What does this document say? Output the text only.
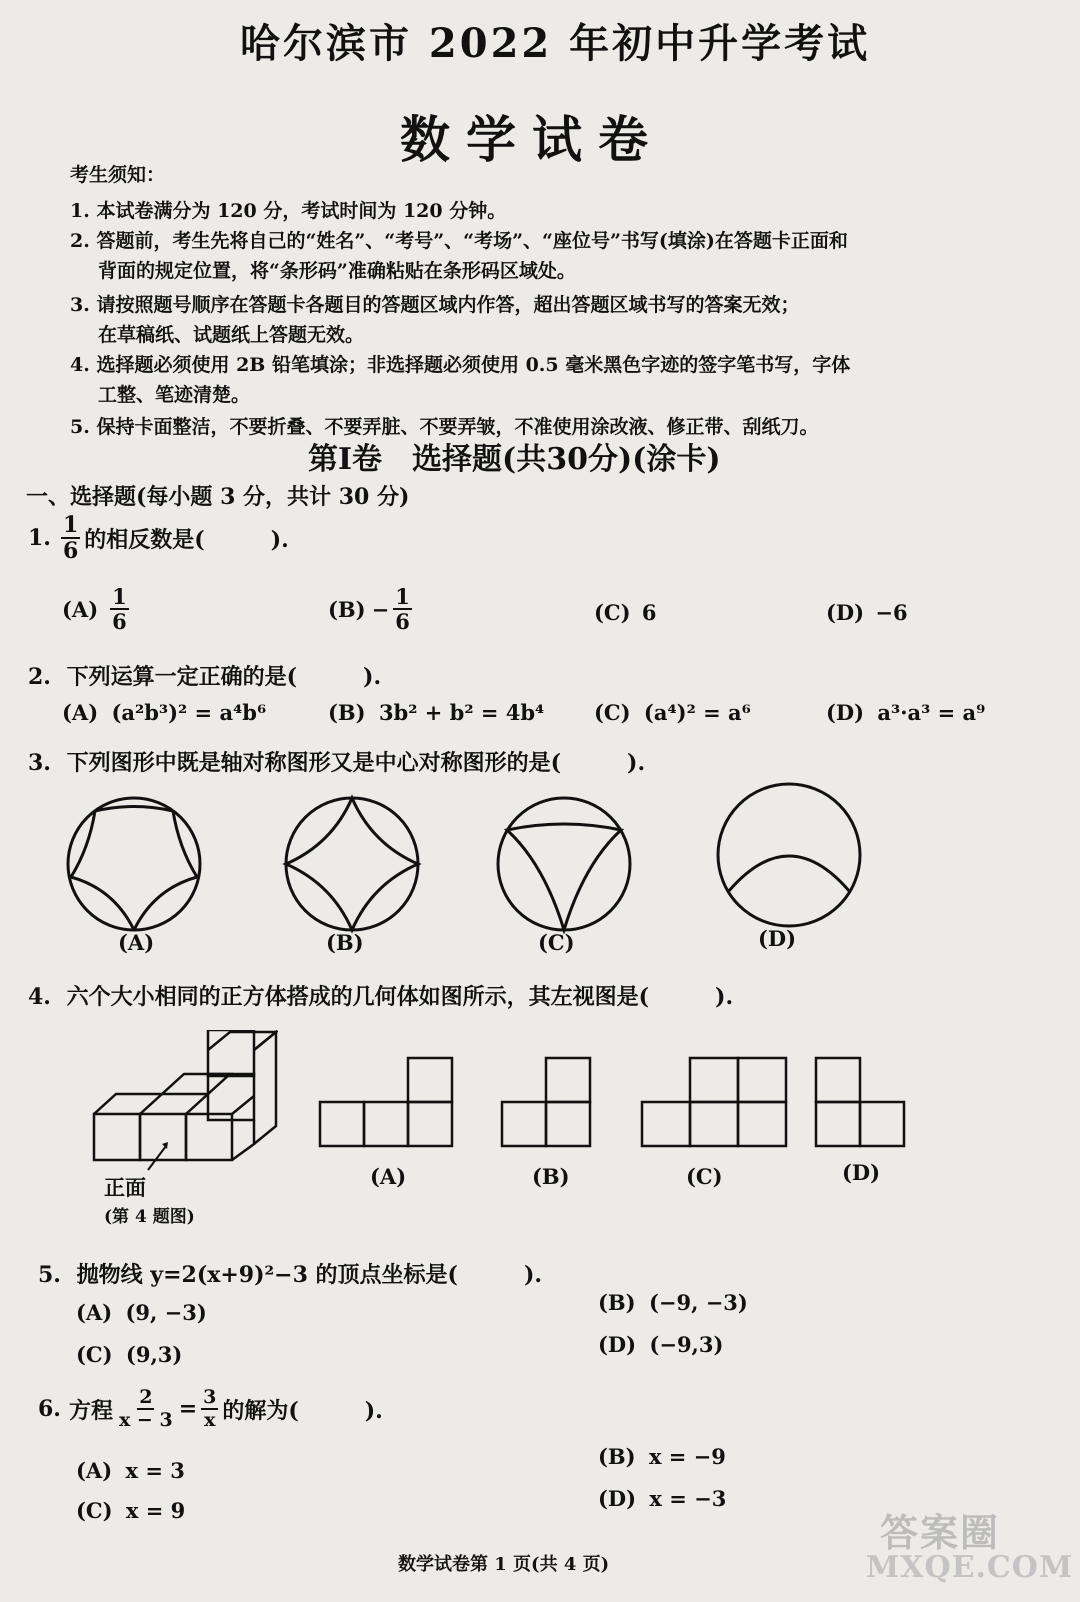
哈尔滨市 2022 年初中升学考试
数学试卷
考生须知：
1. 本试卷满分为 120 分，考试时间为 120 分钟。
2. 答题前，考生先将自己的“姓名”、“考号”、“考场”、“座位号”书写(填涂)在答题卡正面和
背面的规定位置，将“条形码”准确粘贴在条形码区域处。
3. 请按照题号顺序在答题卡各题目的答题区域内作答，超出答题区域书写的答案无效；
在草稿纸、试题纸上答题无效。
4. 选择题必须使用 2B 铅笔填涂；非选择题必须使用 0.5 毫米黑色字迹的签字笔书写，字体
工整、笔迹清楚。
5. 保持卡面整洁，不要折叠、不要弄脏、不要弄皱，不准使用涂改液、修正带、刮纸刀。
第Ⅰ卷　选择题(共30分)(涂卡)
一、选择题(每小题 3 分，共计 30 分)
1. $\frac{1}{6}$ 的相反数是(　　　).
$(A) \frac{1}{6}$	$(B) - \frac{1}{6}$	(C) 6	(D) −6
2. 下列运算一定正确的是(　　　).
(A) (a²b³)² = a⁴b⁶	(B) 3b² + b² = 4b⁴ (C) (a⁴)² = a⁶	(D) a³·a³ = a⁹
3. 下列图形中既是轴对称图形又是中心对称图形的是(　　　).
(A)	(B)	(C)	(D)
4. 六个大小相同的正方体搭成的几何体如图所示，其左视图是(　　　).
正面
(第 4 题图)
(A)	(B)	(C)	(D)
5. 抛物线 y=2(x+9)²−3 的顶点坐标是(　　　).
(A) (9, −3)	(B) (−9, −3)
(C) (9,3)	(D) (−9,3)
6. 方程 $\frac{2}{x - 3} = \frac{3}{x}$ 的解为(　　　).
(A) x = 3
(B) x = −9
(C) x = 9	(D) x = −3
数学试卷第 1 页(共 4 页)
答案圈
MXQE.COM
